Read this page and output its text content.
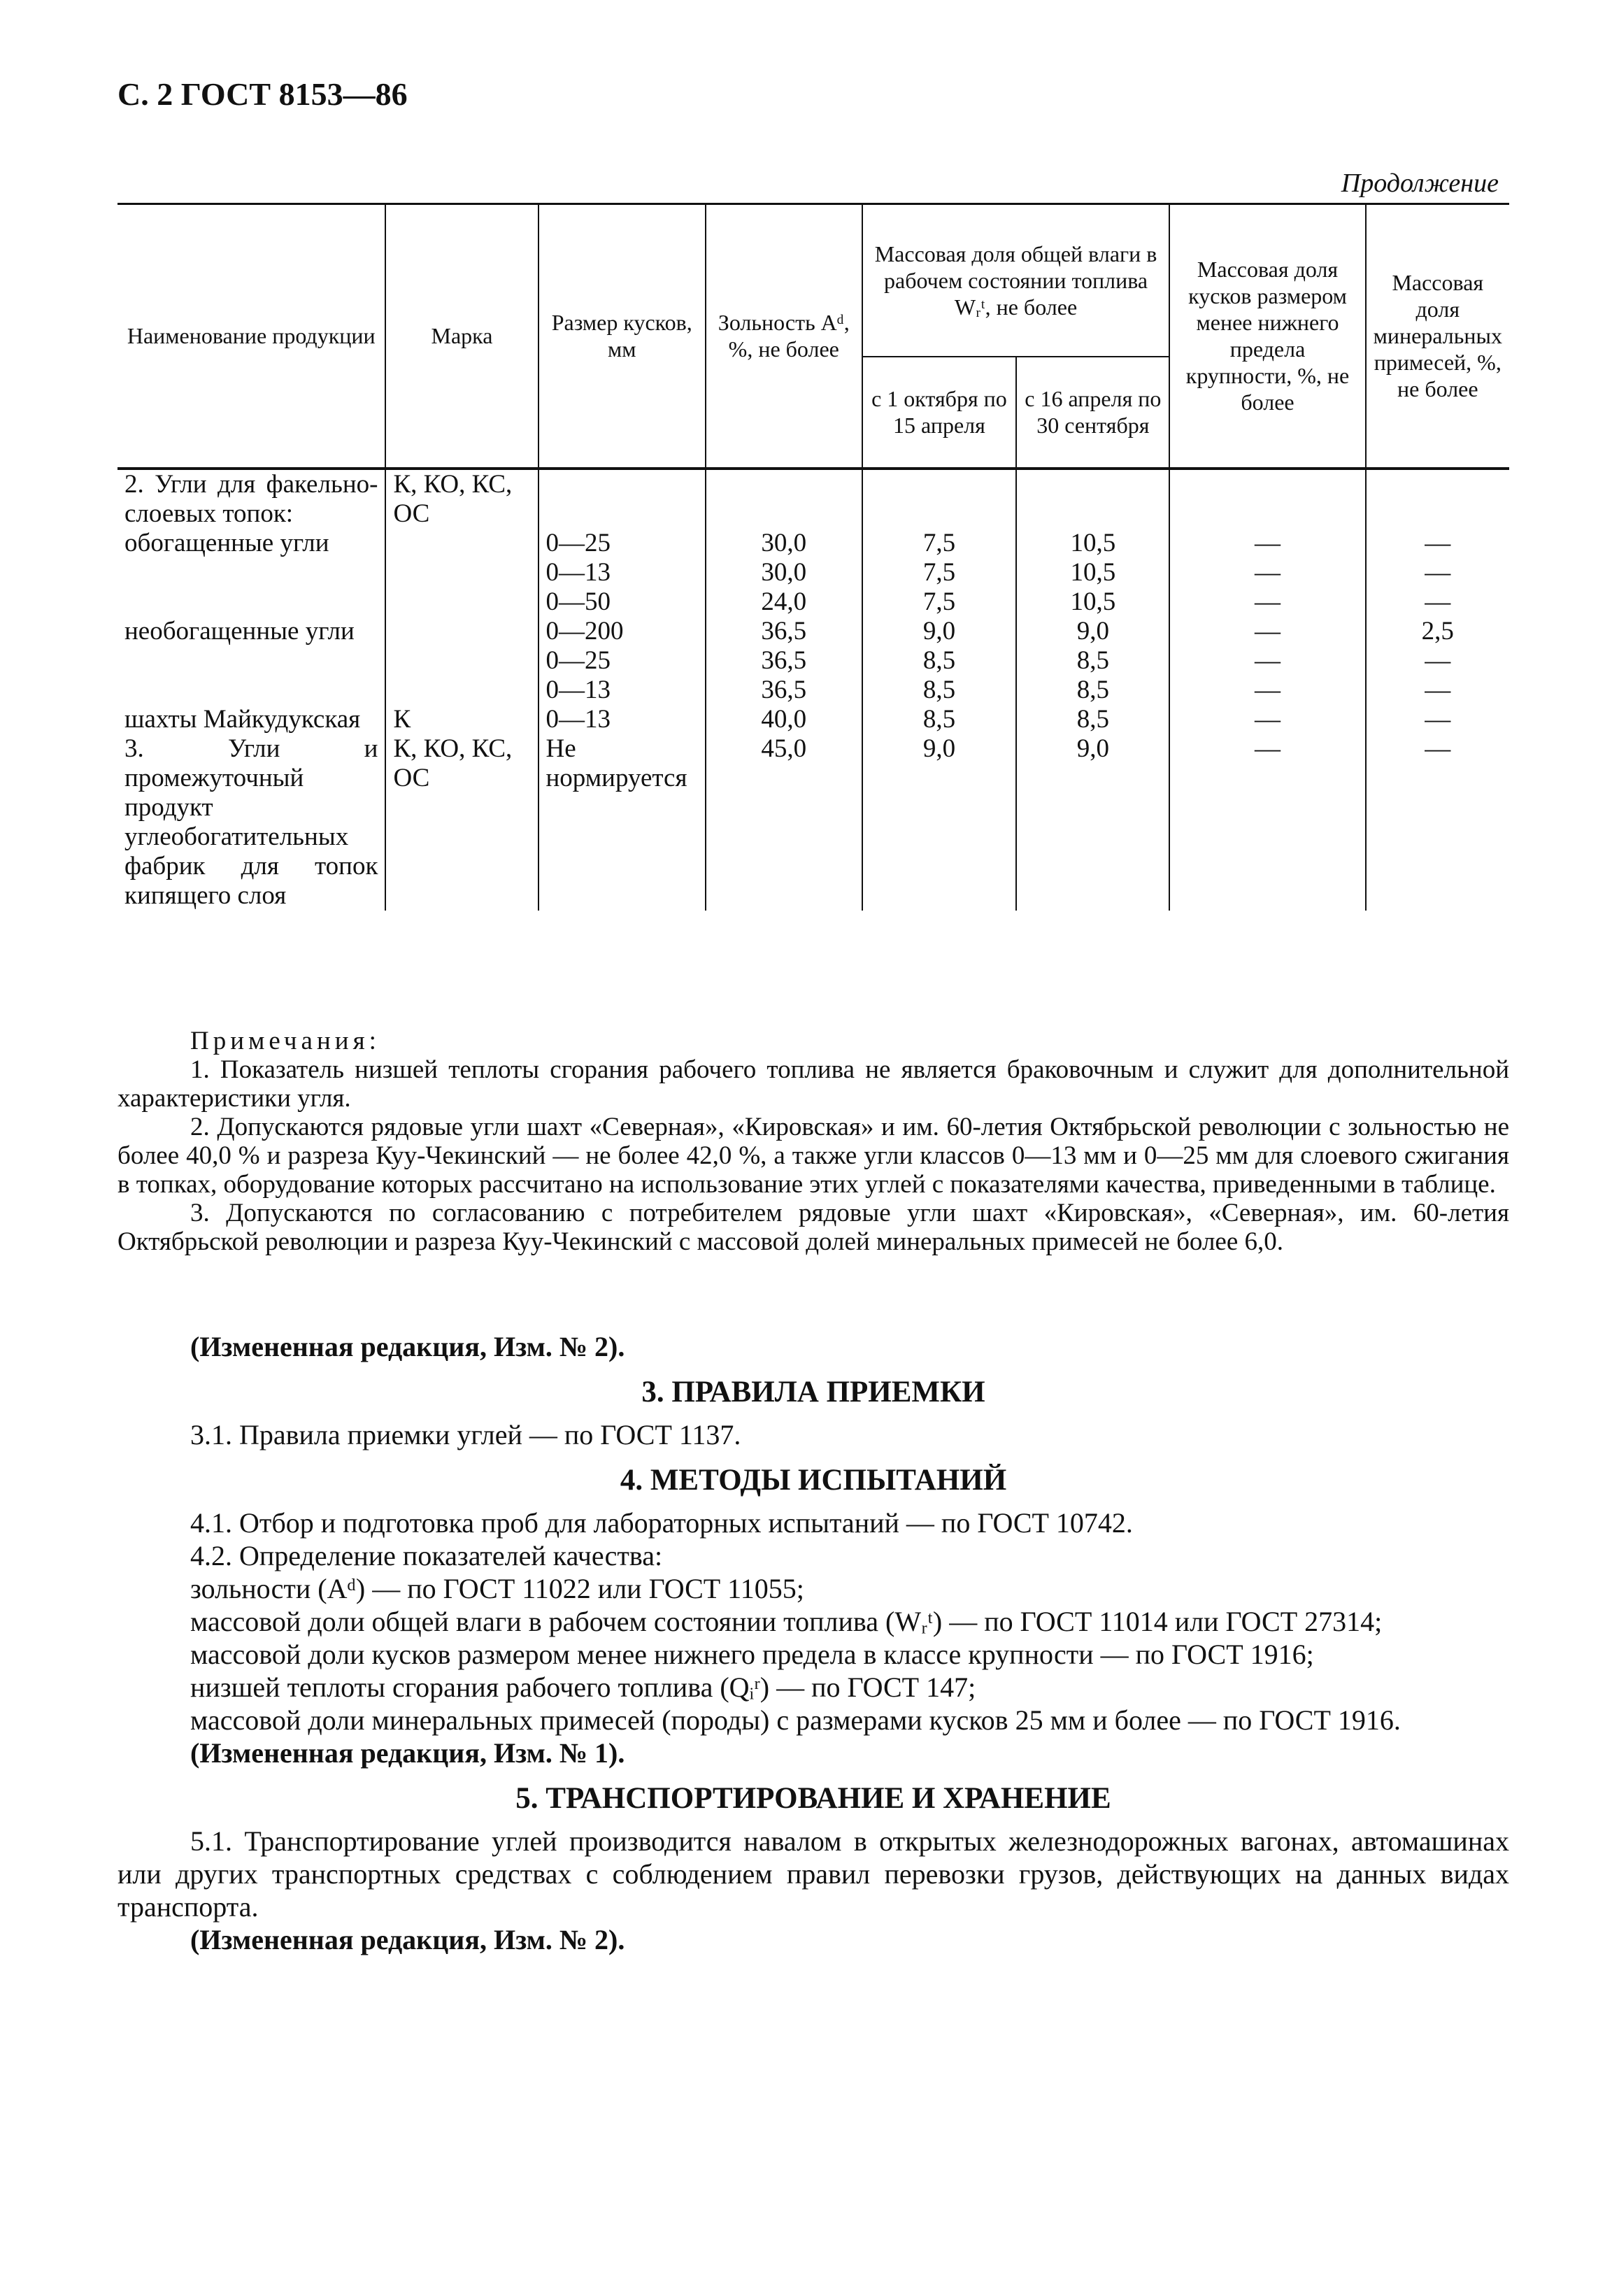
С. 2 ГОСТ 8153—86
Продолжение
Наименование продукции	Марка	Размер кусков, мм	Зольность Aᵈ, %, не более	Массовая доля общей влаги в рабочем состоянии топлива Wᵣᵗ, не более		Массовая доля кусков размером менее нижнего предела крупности, %, не более	Массовая доля минеральных примесей, %, не более
				с 1 октября по 15 апреля	с 16 апреля по 30 сентября		
2. Угли для факельно-слоевых топок:	К, КО, КС, ОС						
обогащенные угли		0—25	30,0	7,5	10,5	—	—
		0—13	30,0	7,5	10,5	—	—
		0—50	24,0	7,5	10,5	—	—
необогащенные угли		0—200	36,5	9,0	9,0	—	2,5
		0—25	36,5	8,5	8,5	—	—
		0—13	36,5	8,5	8,5	—	—
шахты Майкудукская	К	0—13	40,0	8,5	8,5	—	—
3. Угли и промежуточный продукт углеобогатительных фабрик для топок кипящего слоя	К, КО, КС, ОС	Не нормируется	45,0	9,0	9,0	—	—

Примечания:

1. Показатель низшей теплоты сгорания рабочего топлива не является браковочным и служит для дополнительной характеристики угля.

2. Допускаются рядовые угли шахт «Северная», «Кировская» и им. 60-летия Октябрьской революции с зольностью не более 40,0 % и разреза Куу-Чекинский — не более 42,0 %, а также угли классов 0—13 мм и 0—25 мм для слоевого сжигания в топках, оборудование которых рассчитано на использование этих углей с показателями качества, приведенными в таблице.

3. Допускаются по согласованию с потребителем рядовые угли шахт «Кировская», «Северная», им. 60-летия Октябрьской революции и разреза Куу-Чекинский с массовой долей минеральных примесей не более 6,0.

(Измененная редакция, Изм. № 2).

3. ПРАВИЛА ПРИЕМКИ

3.1. Правила приемки углей — по ГОСТ 1137.

4. МЕТОДЫ ИСПЫТАНИЙ

4.1. Отбор и подготовка проб для лабораторных испытаний — по ГОСТ 10742.

4.2. Определение показателей качества:

зольности (Aᵈ) — по ГОСТ 11022 или ГОСТ 11055;

массовой доли общей влаги в рабочем состоянии топлива (Wᵣᵗ) — по ГОСТ 11014 или ГОСТ 27314;

массовой доли кусков размером менее нижнего предела в классе крупности — по ГОСТ 1916;

низшей теплоты сгорания рабочего топлива (Qᵢʳ) — по ГОСТ 147;

массовой доли минеральных примесей (породы) с размерами кусков 25 мм и более — по ГОСТ 1916.

(Измененная редакция, Изм. № 1).

5. ТРАНСПОРТИРОВАНИЕ И ХРАНЕНИЕ

5.1. Транспортирование углей производится навалом в открытых железнодорожных вагонах, автомашинах или других транспортных средствах с соблюдением правил перевозки грузов, действующих на данных видах транспорта.

(Измененная редакция, Изм. № 2).
